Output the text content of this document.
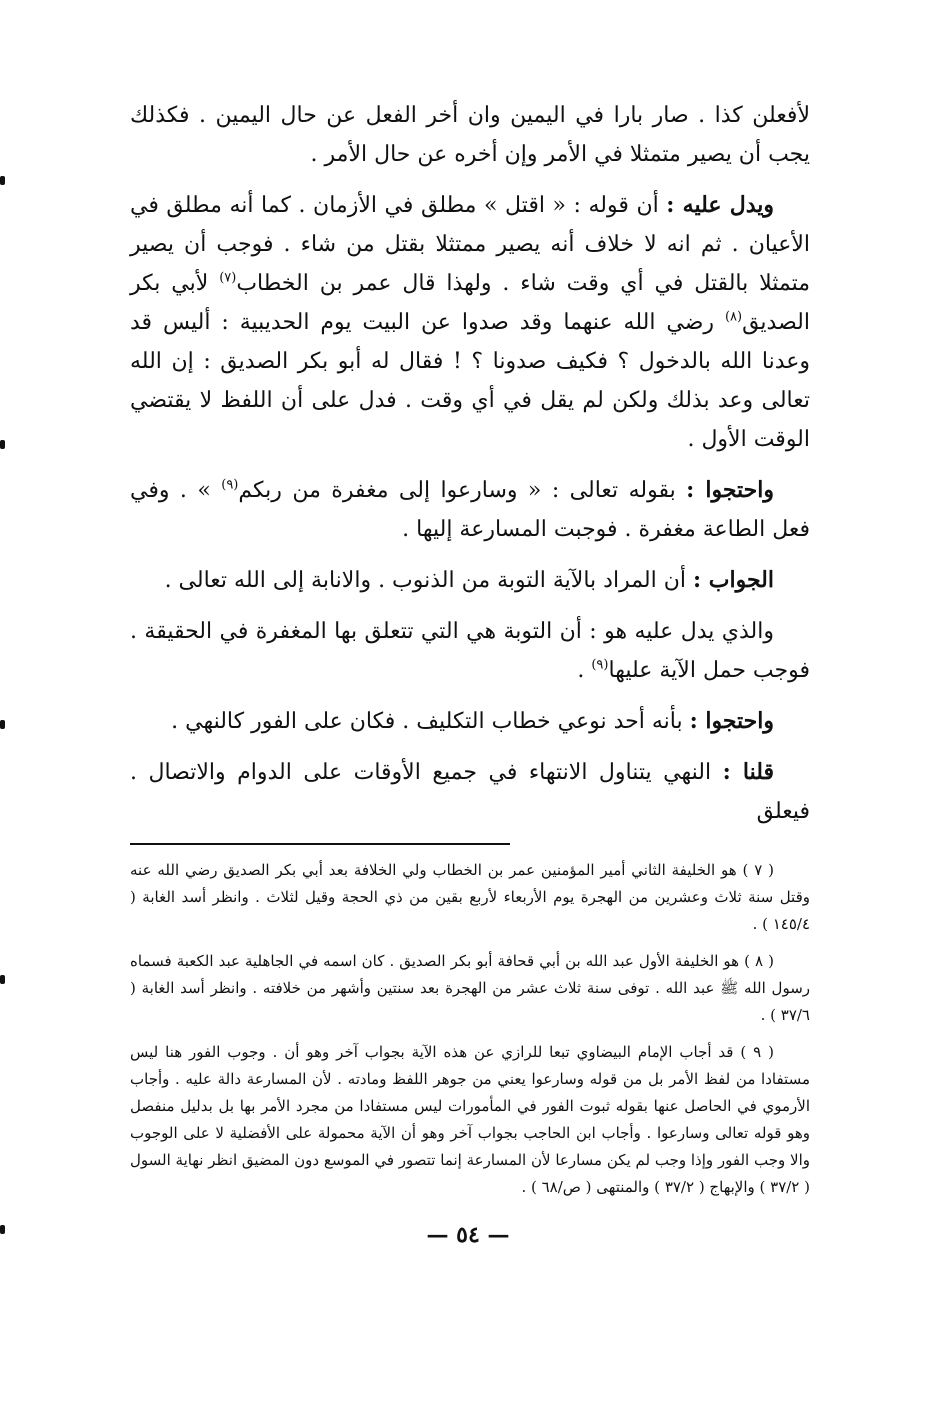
لأفعلن كذا . صار بارا في اليمين وان أخر الفعل عن حال اليمين . فكذلك يجب أن يصير متمثلا في الأمر وإن أخره عن حال الأمر .

ويدل عليه : أن قوله : « اقتل » مطلق في الأزمان . كما أنه مطلق في الأعيان . ثم انه لا خلاف أنه يصير ممتثلا بقتل من شاء . فوجب أن يصير متمثلا بالقتل في أي وقت شاء . ولهذا قال عمر بن الخطاب$^{(٧)}$ لأبي بكر الصديق$^{(٨)}$ رضي الله عنهما وقد صدوا عن البيت يوم الحديبية : أليس قد وعدنا الله بالدخول ؟ فكيف صدونا ؟ ! فقال له أبو بكر الصديق : إن الله تعالى وعد بذلك ولكن لم يقل في أي وقت . فدل على أن اللفظ لا يقتضي الوقت الأول .

واحتجوا : بقوله تعالى : « وسارعوا إلى مغفرة من ربكم$^{(٩)}$ » . وفي فعل الطاعة مغفرة . فوجبت المسارعة إليها .

الجواب : أن المراد بالآية التوبة من الذنوب . والانابة إلى الله تعالى .

والذي يدل عليه هو : أن التوبة هي التي تتعلق بها المغفرة في الحقيقة . فوجب حمل الآية عليها$^{(٩)}$ .

واحتجوا : بأنه أحد نوعي خطاب التكليف . فكان على الفور كالنهي .

قلنا : النهي يتناول الانتهاء في جميع الأوقات على الدوام والاتصال . فيعلق

( ٧ ) هو الخليفة الثاني أمير المؤمنين عمر بن الخطاب ولي الخلافة بعد أبي بكر الصديق رضي الله عنه وقتل سنة ثلاث وعشرين من الهجرة يوم الأربعاء لأربع بقين من ذي الحجة وقيل لثلاث . وانظر أسد الغابة ( ١٤٥/٤ ) .

( ٨ ) هو الخليفة الأول عبد الله بن أبي قحافة أبو بكر الصديق . كان اسمه في الجاهلية عبد الكعبة فسماه رسول الله ﷺ عبد الله . توفى سنة ثلاث عشر من الهجرة بعد سنتين وأشهر من خلافته . وانظر أسد الغابة ( ٣٧/٦ ) .

( ٩ ) قد أجاب الإمام البيضاوي تبعا للرازي عن هذه الآية بجواب آخر وهو أن . وجوب الفور هنا ليس مستفادا من لفظ الأمر بل من قوله وسارعوا يعني من جوهر اللفظ ومادته . لأن المسارعة دالة عليه . وأجاب الأرموي في الحاصل عنها بقوله ثبوت الفور في المأمورات ليس مستفادا من مجرد الأمر بها بل بدليل منفصل وهو قوله تعالى وسارعوا . وأجاب ابن الحاجب بجواب آخر وهو أن الآية محمولة على الأفضلية لا على الوجوب والا وجب الفور وإذا وجب لم يكن مسارعا لأن المسارعة إنما تتصور في الموسع دون المضيق انظر نهاية السول ( ٣٧/٢ ) والإبهاج ( ٣٧/٢ ) والمنتهى ( ص/٦٨ ) .

— ٥٤ —
